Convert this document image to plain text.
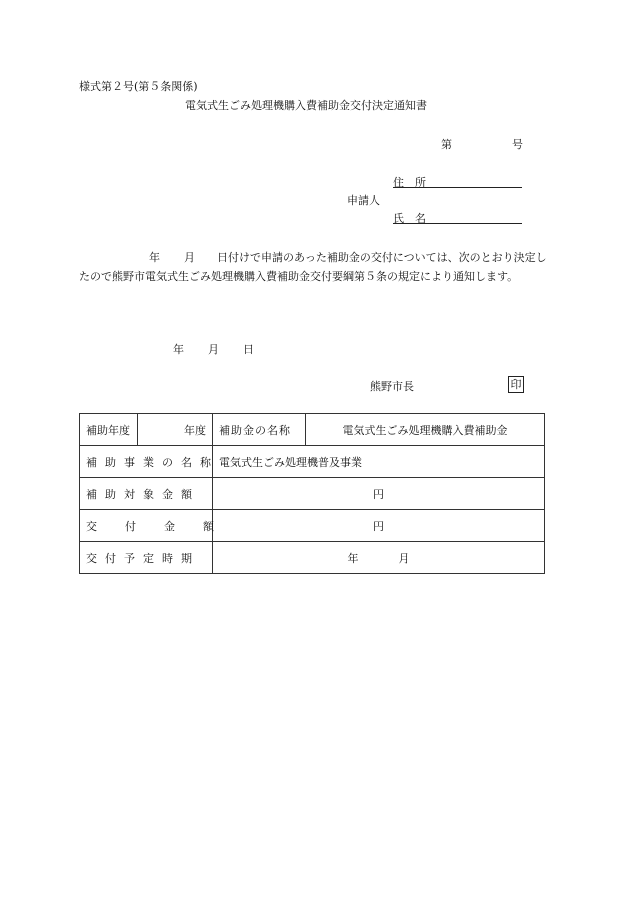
様式第２号(第５条関係)
電気式生ごみ処理機購入費補助金交付決定通知書
第	号
住　所
申請人
氏　名
年 月 日付けで申請のあった補助金の交付については、次のとおり決定したので熊野市電気式生ごみ処理機購入費補助金交付要綱第５条の規定により通知します。
年 月 日
熊野市長	印
補助年度	年度	補助金の名称	電気式生ごみ処理機購入費補助金
補助事業の名称		電気式生ごみ処理機普及事業	
補助対象金額		円	
交付金額		円	
交付予定時期		年 月	
